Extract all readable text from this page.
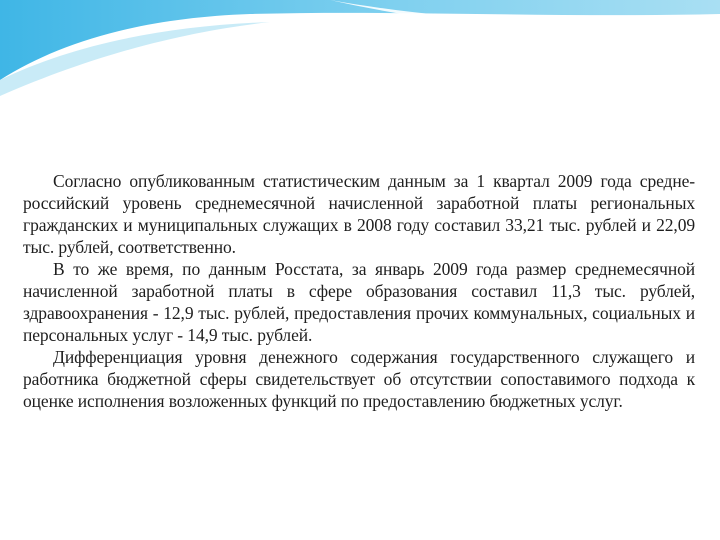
Согласно опубликованным статистическим данным за 1 квартал 2009 года средне-российский уровень среднемесячной начисленной заработной платы региональных гражданских и муниципальных служащих в 2008 году составил 33,21 тыс. рублей и 22,09 тыс. рублей, соответственно.

В то же время, по данным Росстата, за январь 2009 года размер среднемесячной начисленной заработной платы в сфере образования составил 11,3 тыс. рублей, здравоохранения - 12,9 тыс. рублей, предоставления прочих коммунальных, социальных и персональных услуг - 14,9 тыс. рублей.

Дифференциация уровня денежного содержания государственного служащего и работника бюджетной сферы свидетельствует об отсутствии сопоставимого подхода к оценке исполнения возложенных функций по предоставлению бюджетных услуг.
